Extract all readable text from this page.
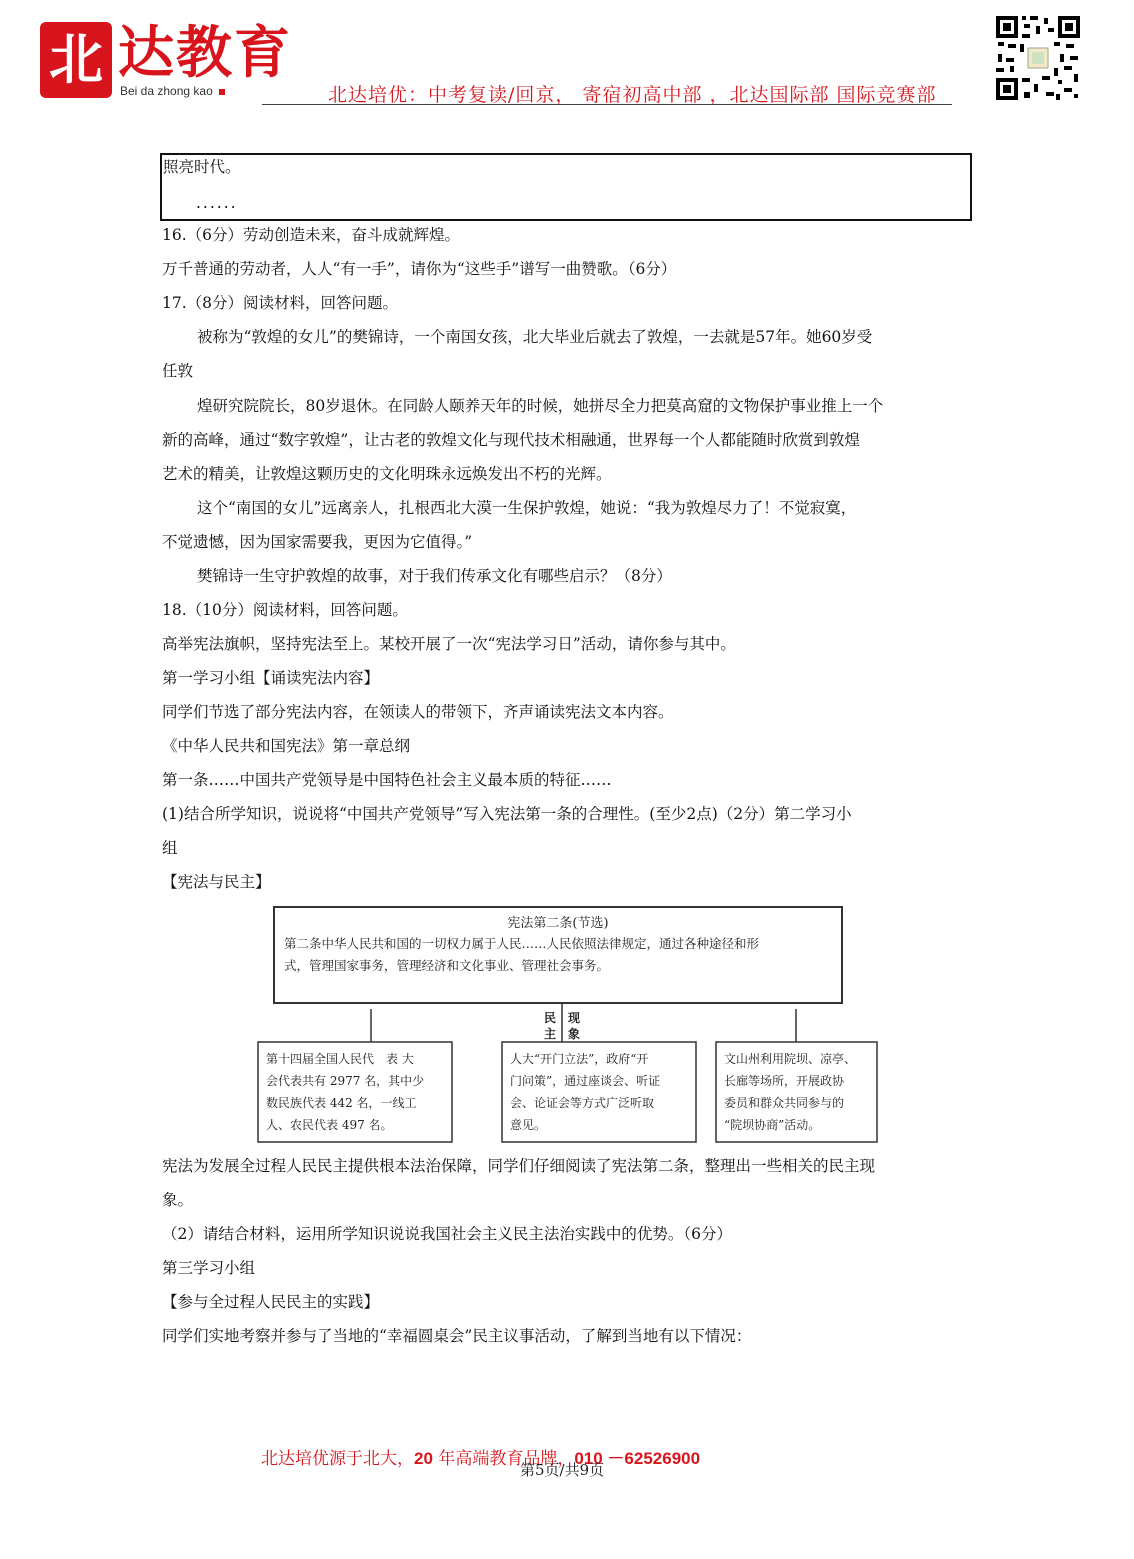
北 达教育
Bei da zhong kao	北达培优：中考复读/回京， 寄宿初高中部 ，北达国际部 国际竞赛部
照亮时代。
......
16.（6分）劳动创造未来，奋斗成就辉煌。
万千普通的劳动者，人人“有一手”，请你为“这些手”谱写一曲赞歌。（6分）
17.（8分）阅读材料，回答问题。
被称为“敦煌的女儿”的樊锦诗，一个南国女孩，北大毕业后就去了敦煌，一去就是57年。她60岁受
任敦
煌研究院院长，80岁退休。在同龄人颐养天年的时候，她拼尽全力把莫高窟的文物保护事业推上一个
新的高峰，通过“数字敦煌”，让古老的敦煌文化与现代技术相融通，世界每一个人都能随时欣赏到敦煌
艺术的精美，让敦煌这颗历史的文化明珠永远焕发出不朽的光辉。
这个“南国的女儿”远离亲人，扎根西北大漠一生保护敦煌，她说：“我为敦煌尽力了！不觉寂寞，
不觉遗憾，因为国家需要我，更因为它值得。”
樊锦诗一生守护敦煌的故事，对于我们传承文化有哪些启示？（8分）
18.（10分）阅读材料，回答问题。
高举宪法旗帜，坚持宪法至上。某校开展了一次“宪法学习日”活动，请你参与其中。
第一学习小组【诵读宪法内容】
同学们节选了部分宪法内容，在领读人的带领下，齐声诵读宪法文本内容。
《中华人民共和国宪法》第一章总纲
第一条……中国共产党领导是中国特色社会主义最本质的特征……
(1)结合所学知识，说说将“中国共产党领导”写入宪法第一条的合理性。(至少2点)（2分）第二学习小
组
【宪法与民主】
宪法第二条(节选)
第二条中华人民共和国的一切权力属于人民……人民依照法律规定，通过各种途径和形
式，管理国家事务，管理经济和文化事业、管理社会事务。
民
主
现
象
第十四届全国人民代　表 大
会代表共有 2977 名，其中少
数民族代表 442 名，一线工
人、农民代表 497 名。
人大“开门立法”，政府“开
门问策”，通过座谈会、听证
会、论证会等方式广泛听取
意见。
文山州利用院坝、凉亭、
长廊等场所，开展政协
委员和群众共同参与的
“院坝协商”活动。
宪法为发展全过程人民民主提供根本法治保障，同学们仔细阅读了宪法第二条，整理出一些相关的民主现
象。
（2）请结合材料，运用所学知识说说我国社会主义民主法治实践中的优势。（6分）
第三学习小组
【参与全过程人民民主的实践】
同学们实地考察并参与了当地的“幸福圆桌会”民主议事活动，了解到当地有以下情况：
北达培优源于北大，20 年高端教育品牌，010 －62526900
第5页/共9页
